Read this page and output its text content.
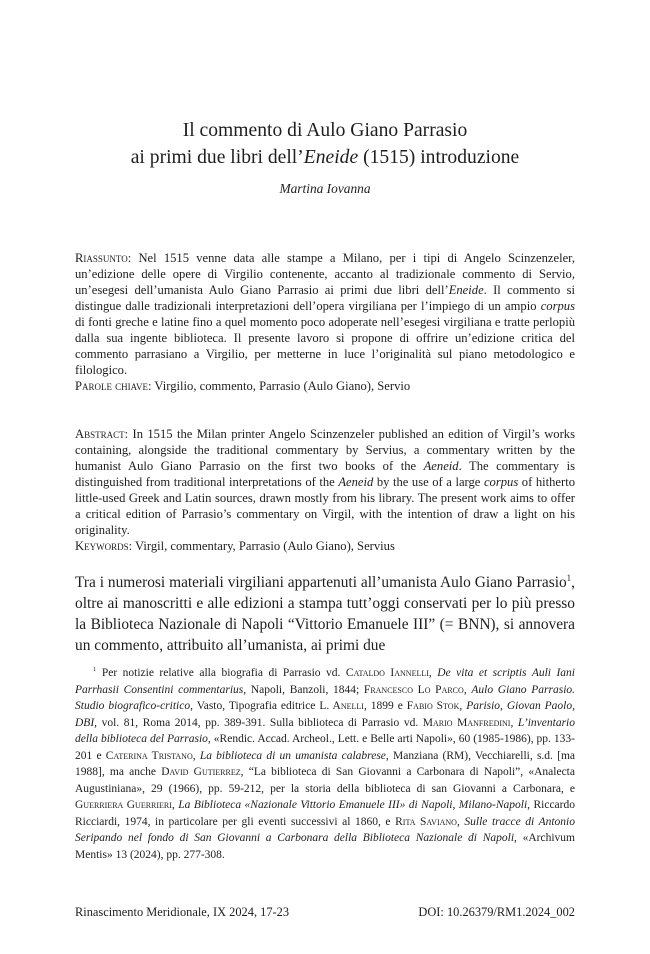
Il commento di Aulo Giano Parrasio
ai primi due libri dell’Eneide (1515) introduzione
Martina Iovanna

Riassunto: Nel 1515 venne data alle stampe a Milano, per i tipi di Angelo Scinzenzeler, un’edizione delle opere di Virgilio contenente, accanto al tradizionale commento di Servio, un’esegesi dell’umanista Aulo Giano Parrasio ai primi due libri dell’Eneide. Il commento si distingue dalle tradizionali interpretazioni dell’opera virgiliana per l’impiego di un ampio corpus di fonti greche e latine fino a quel momento poco adoperate nell’esegesi virgiliana e tratte perlopiù dalla sua ingente biblioteca. Il presente lavoro si propone di offrire un’edizione critica del commento parrasiano a Virgilio, per metterne in luce l’originalità sul piano metodologico e filologico.

Parole chiave: Virgilio, commento, Parrasio (Aulo Giano), Servio

Abstract: In 1515 the Milan printer Angelo Scinzenzeler published an edition of Virgil’s works containing, alongside the traditional commentary by Servius, a commentary written by the humanist Aulo Giano Parrasio on the first two books of the Aeneid. The commentary is distinguished from traditional interpretations of the Aeneid by the use of a large corpus of hitherto little-used Greek and Latin sources, drawn mostly from his library. The present work aims to offer a critical edition of Parrasio’s commentary on Virgil, with the intention of draw a light on his originality.

Keywords: Virgil, commentary, Parrasio (Aulo Giano), Servius

Tra i numerosi materiali virgiliani appartenuti all’umanista Aulo Giano Parrasio$^1$, oltre ai manoscritti e alle edizioni a stampa tutt’oggi conservati per lo più presso la Biblioteca Nazionale di Napoli “Vittorio Emanuele III” (= BNN), si annovera un commento, attribuito all’umanista, ai primi due

$^1$ Per notizie relative alla biografia di Parrasio vd. Cataldo Iannelli, De vita et scriptis Auli Iani Parrhasii Consentini commentarius, Napoli, Banzoli, 1844; Francesco Lo Parco, Aulo Giano Parrasio. Studio biografico-critico, Vasto, Tipografia editrice L. Anelli, 1899 e Fabio Stok, Parisio, Giovan Paolo, DBI, vol. 81, Roma 2014, pp. 389-391. Sulla biblioteca di Parrasio vd. Mario Manfredini, L’inventario della biblioteca del Parrasio, «Rendic. Accad. Archeol., Lett. e Belle arti Napoli», 60 (1985-1986), pp. 133-201 e Caterina Tristano, La biblioteca di un umanista calabrese, Manziana (RM), Vecchiarelli, s.d. [ma 1988], ma anche David Gutierrez, “La biblioteca di San Giovanni a Carbonara di Napoli”, «Analecta Augustiniana», 29 (1966), pp. 59-212, per la storia della biblioteca di san Giovanni a Carbonara, e Guerriera Guerrieri, La Biblioteca «Nazionale Vittorio Emanuele III» di Napoli, Milano-Napoli, Riccardo Ricciardi, 1974, in particolare per gli eventi successivi al 1860, e Rita Saviano, Sulle tracce di Antonio Seripando nel fondo di San Giovanni a Carbonara della Biblioteca Nazionale di Napoli, «Archivum Mentis» 13 (2024), pp. 277-308.

Rinascimento Meridionale, IX 2024, 17-23	DOI: 10.26379/RM1.2024_002
